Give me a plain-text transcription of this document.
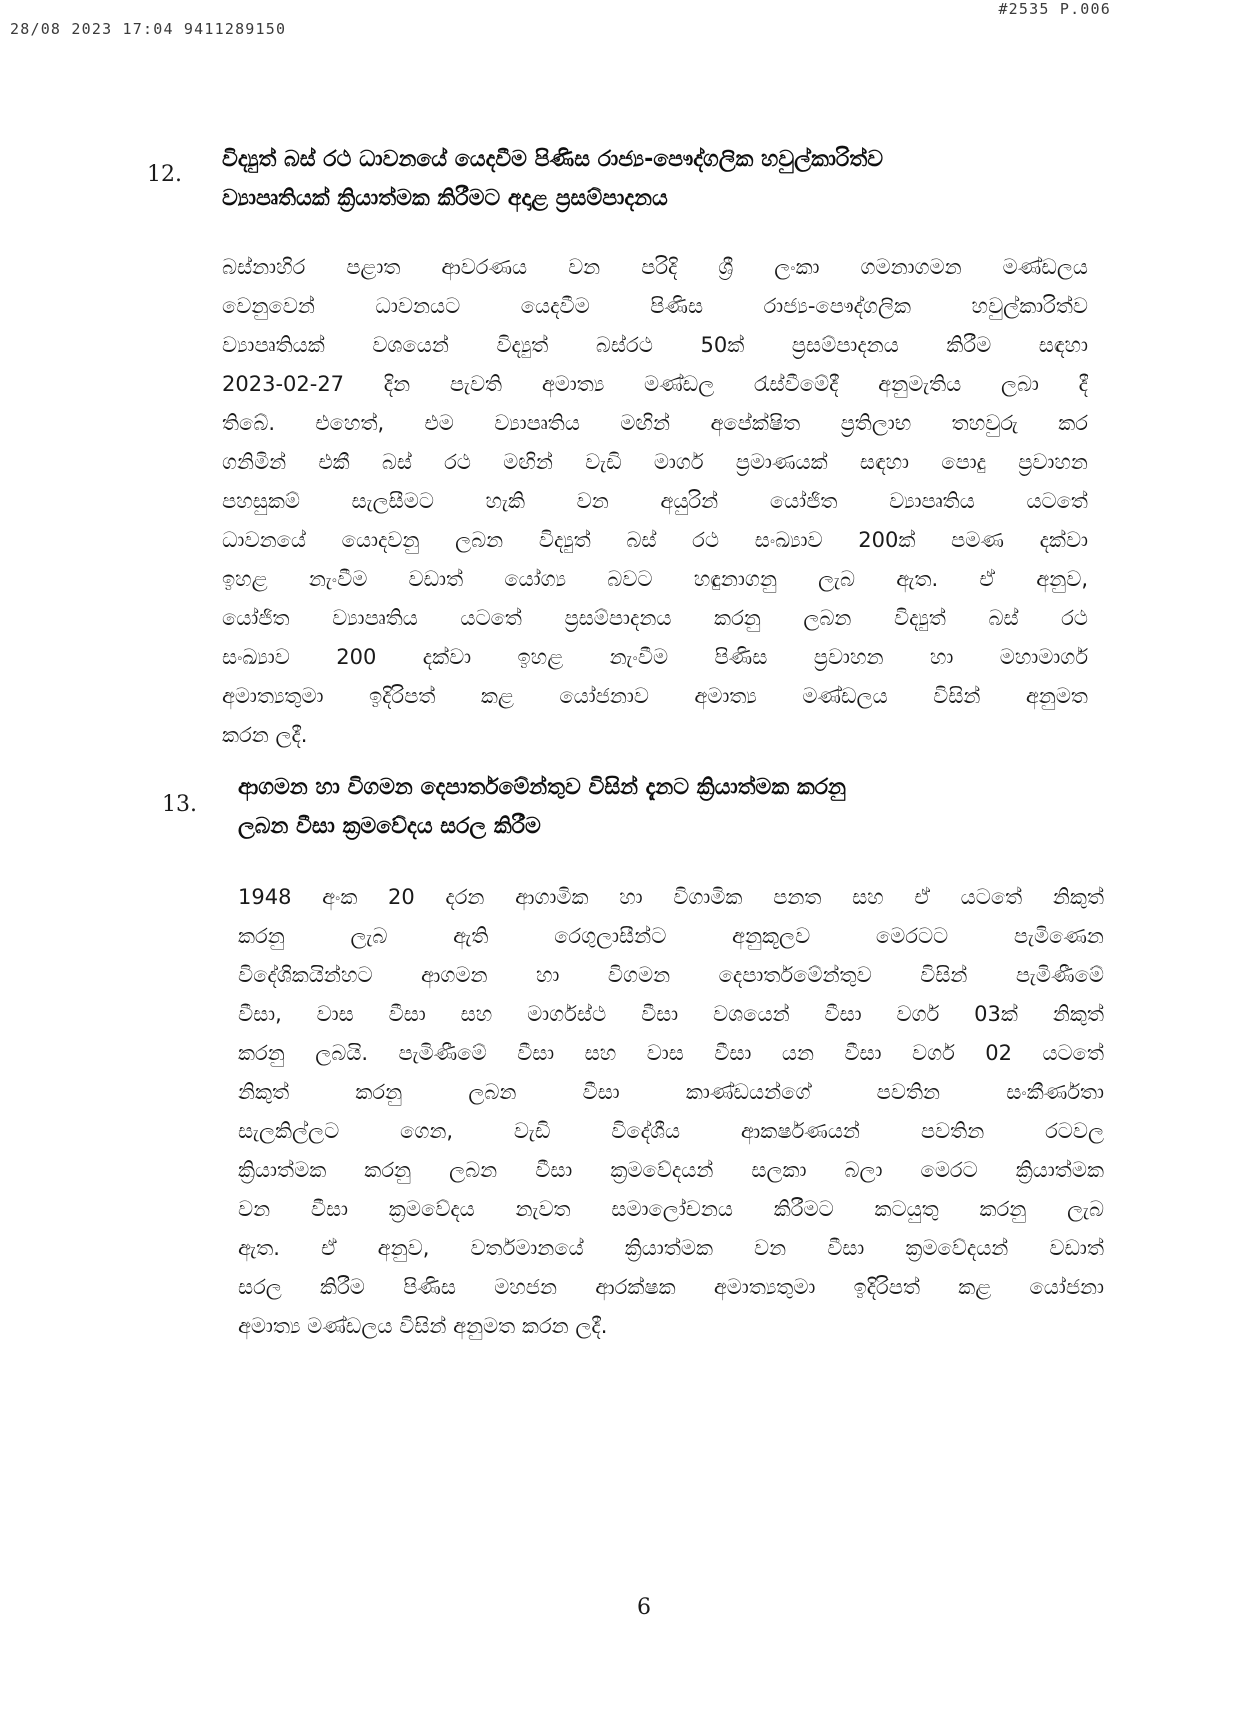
28/08 2023 17:04 9411289150
#2535 P.006
12.
විද්‍යුත් බස් රථ ධාවනයේ යෙදවීම පිණිස රාජ්‍ය-පෞද්ගලික හවුල්කාරිත්ව
ව්‍යාපෘතියක් ක්‍රියාත්මක කිරීමට අදාළ ප්‍රසම්පාදනය
බස්නාහිර පළාත ආවරණය වන පරිදි ශ්‍රී ලංකා ගමනාගමන මණ්ඩලය
වෙනුවෙන් ධාවනයට යෙදවීම පිණිස රාජ්‍ය-පෞද්ගලික හවුල්කාරිත්ව
ව්‍යාපෘතියක් වශයෙන් විද්‍යුත් බස්රථ 50ක් ප්‍රසම්පාදනය කිරීම සඳහා
2023-02-27 දින පැවති අමාත්‍ය මණ්ඩල රැස්වීමේදී අනුමැතිය ලබා දී
තිබේ. එහෙත්, එම ව්‍යාපෘතිය මඟින් අපේක්ෂිත ප්‍රතිලාභ තහවුරු කර
ගනිමින් එකී බස් රථ මඟින් වැඩි මාර්ග ප්‍රමාණයක් සඳහා පොදු ප්‍රවාහන
පහසුකම් සැලසීමට හැකි වන අයුරින් යෝජිත ව්‍යාපෘතිය යටතේ
ධාවනයේ යොදවනු ලබන විද්‍යුත් බස් රථ සංඛ්‍යාව 200ක් පමණ දක්වා
ඉහළ නැංවීම වඩාත් යෝග්‍ය බවට හඳුනාගනු ලැබ ඇත. ඒ අනුව,
යෝජිත ව්‍යාපෘතිය යටතේ ප්‍රසම්පාදනය කරනු ලබන විද්‍යුත් බස් රථ
සංඛ්‍යාව 200 දක්වා ඉහළ නැංවීම පිණිස ප්‍රවාහන හා මහාමාර්ග
අමාත්‍යතුමා ඉදිරිපත් කළ යෝජනාව අමාත්‍ය මණ්ඩලය විසින් අනුමත
කරන ලදී.
13.
ආගමන හා විගමන දෙපාර්තමේන්තුව විසින් දැනට ක්‍රියාත්මක කරනු
ලබන වීසා ක්‍රමවේදය සරල කිරීම
1948 අංක 20 දරන ආගාමික හා විගාමික පනත සහ ඒ යටතේ නිකුත්
කරනු ලැබ ඇති රෙගුලාසීන්ට අනුකූලව මෙරටට පැමිණෙන
විදේශිකයින්හට ආගමන හා විගමන දෙපාර්තමේන්තුව විසින් පැමිණීමේ
වීසා, වාස වීසා සහ මාර්ගස්ථ වීසා වශයෙන් වීසා වර්ග 03ක් නිකුත්
කරනු ලබයි. පැමිණීමේ වීසා සහ වාස වීසා යන වීසා වර්ග 02 යටතේ
නිකුත් කරනු ලබන වීසා කාණ්ඩයන්ගේ පවතින සංකීර්ණතා
සැලකිල්ලට ගෙන, වැඩි විදේශීය ආකර්ෂණයන් පවතින රටවල
ක්‍රියාත්මක කරනු ලබන වීසා ක්‍රමවේදයන් සලකා බලා මෙරට ක්‍රියාත්මක
වන වීසා ක්‍රමවේදය නැවත සමාලෝචනය කිරීමට කටයුතු කරනු ලැබ
ඇත. ඒ අනුව, වර්තමානයේ ක්‍රියාත්මක වන වීසා ක්‍රමවේදයන් වඩාත්
සරල කිරීම පිණිස මහජන ආරක්ෂක අමාත්‍යතුමා ඉදිරිපත් කළ යෝජනා
අමාත්‍ය මණ්ඩලය විසින් අනුමත කරන ලදී.
6
